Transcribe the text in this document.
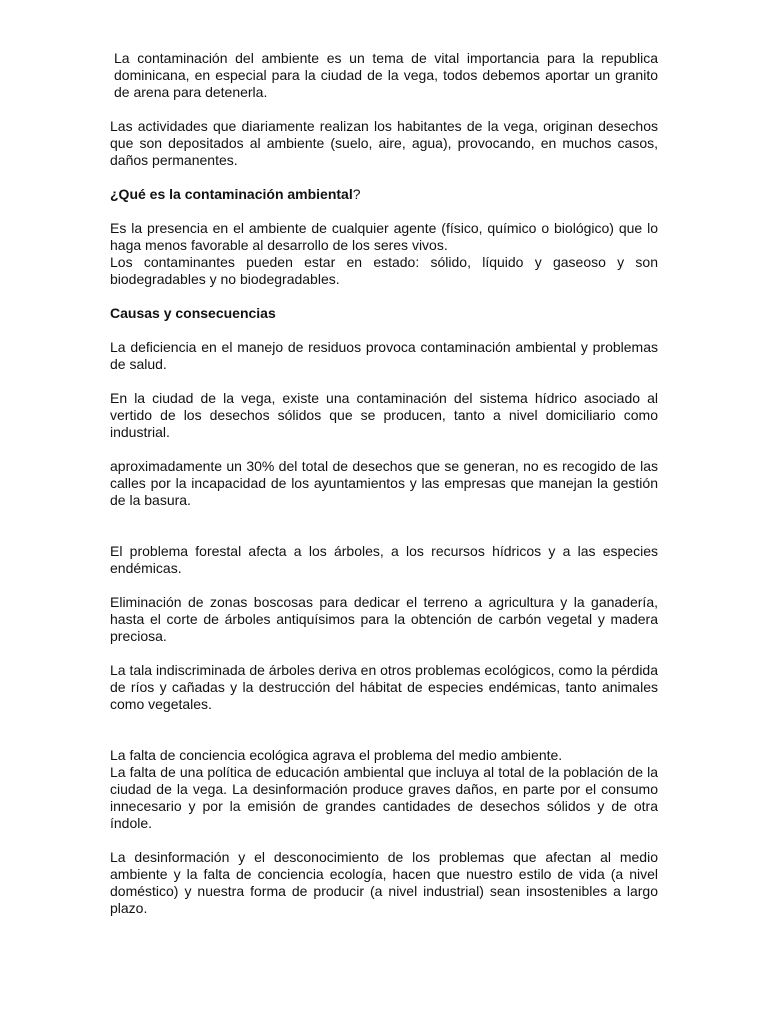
La contaminación del ambiente es un tema de vital importancia para la republica dominicana, en especial para la ciudad de la vega, todos debemos aportar un granito de arena para detenerla.

Las actividades que diariamente realizan los habitantes de la vega, originan desechos que son depositados al ambiente (suelo, aire, agua), provocando, en muchos casos, daños permanentes.

¿Qué es la contaminación ambiental?

Es la presencia en el ambiente de cualquier agente (físico, químico o biológico) que lo haga menos favorable al desarrollo de los seres vivos.

Los contaminantes pueden estar en estado: sólido, líquido y gaseoso y son biodegradables y no biodegradables.

Causas y consecuencias

La deficiencia en el manejo de residuos provoca contaminación ambiental y problemas de salud.

En la ciudad de la vega, existe una contaminación del sistema hídrico asociado al vertido de los desechos sólidos que se producen, tanto a nivel domiciliario como industrial.

aproximadamente un 30% del total de desechos que se generan, no es recogido de las calles por la incapacidad de los ayuntamientos y las empresas que manejan la gestión de la basura.

El problema forestal afecta a los árboles, a los recursos hídricos y a las especies endémicas.

Eliminación de zonas boscosas para dedicar el terreno a agricultura y la ganadería, hasta el corte de árboles antiquísimos para la obtención de carbón vegetal y madera preciosa.

La tala indiscriminada de árboles deriva en otros problemas ecológicos, como la pérdida de ríos y cañadas y la destrucción del hábitat de especies endémicas, tanto animales como vegetales.

La falta de conciencia ecológica agrava el problema del medio ambiente.

La falta de una política de educación ambiental que incluya al total de la población de la ciudad de la vega. La desinformación produce graves daños, en parte por el consumo innecesario y por la emisión de grandes cantidades de desechos sólidos y de otra índole.

La desinformación y el desconocimiento de los problemas que afectan al medio ambiente y la falta de conciencia ecología, hacen que nuestro estilo de vida (a nivel doméstico) y nuestra forma de producir (a nivel industrial) sean insostenibles a largo plazo.
